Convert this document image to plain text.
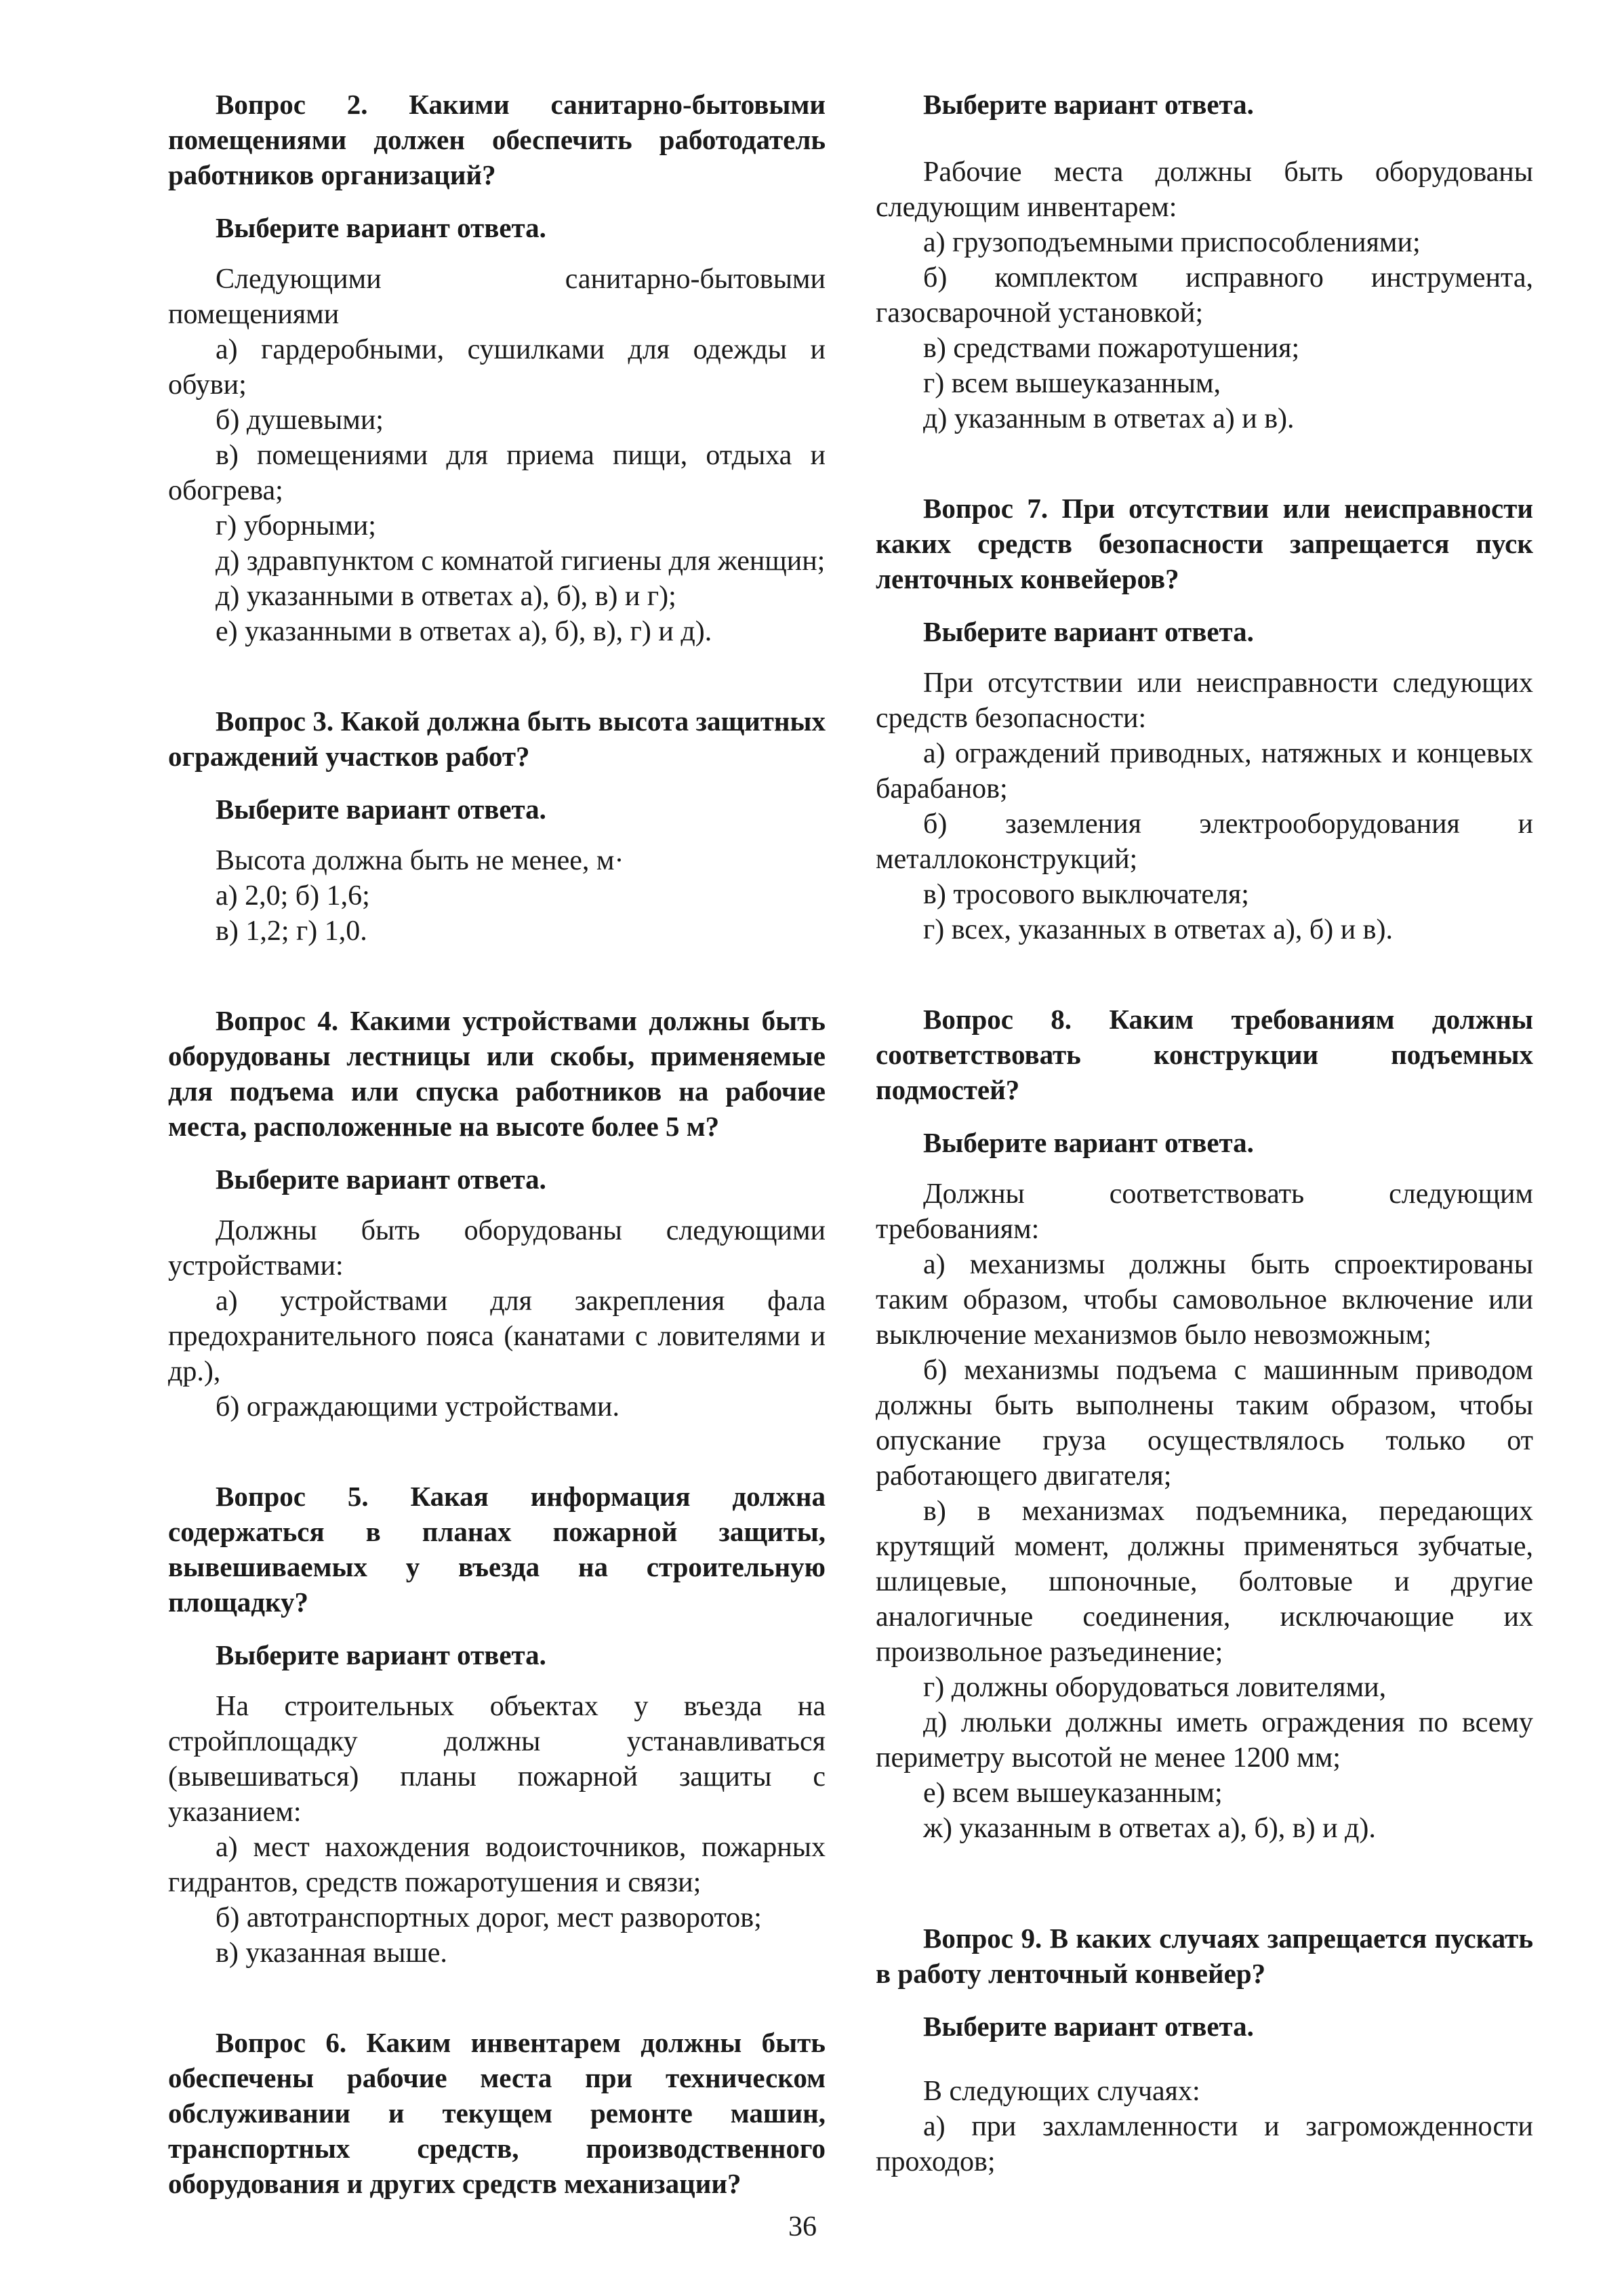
Вопрос 2. Какими санитарно-бытовыми помещениями должен обеспечить работодатель работников организаций?

Выберите вариант ответа.

Следующими санитарно-бытовыми помещениями

а) гардеробными, сушилками для одежды и обуви;

б) душевыми;

в) помещениями для приема пищи, отдыха и обогрева;

г) уборными;

д) здравпунктом с комнатой гигиены для женщин;

д) указанными в ответах а), б), в) и г);

е) указанными в ответах а), б), в), г) и д).

Вопрос 3. Какой должна быть высота защитных ограждений участков работ?

Выберите вариант ответа.

Высота должна быть не менее, м·

а) 2,0; б) 1,6;

в) 1,2; г) 1,0.

Вопрос 4. Какими устройствами должны быть оборудованы лестницы или скобы, применяемые для подъема или спуска работников на рабочие места, расположенные на высоте более 5 м?

Выберите вариант ответа.

Должны быть оборудованы следующими устройствами:

а) устройствами для закрепления фала предохранительного пояса (канатами с ловителями и др.),

б) ограждающими устройствами.

Вопрос 5. Какая информация должна содержаться в планах пожарной защиты, вывешиваемых у въезда на строительную площадку?

Выберите вариант ответа.

На строительных объектах у въезда на стройплощадку должны устанавливаться (вывешиваться) планы пожарной защиты с указанием:

а) мест нахождения водоисточников, пожарных гидрантов, средств пожаротушения и связи;

б) автотранспортных дорог, мест разворотов;

в) указанная выше.

Вопрос 6. Каким инвентарем должны быть обеспечены рабочие места при техническом обслуживании и текущем ремонте машин, транспортных средств, производственного оборудования и других средств механизации?

Выберите вариант ответа.

Рабочие места должны быть оборудованы следующим инвентарем:

а) грузоподъемными приспособлениями;

б) комплектом исправного инструмента, газосварочной установкой;

в) средствами пожаротушения;

г) всем вышеуказанным,

д) указанным в ответах а) и в).

Вопрос 7. При отсутствии или неисправности каких средств безопасности запрещается пуск ленточных конвейеров?

Выберите вариант ответа.

При отсутствии или неисправности следующих средств безопасности:

а) ограждений приводных, натяжных и концевых барабанов;

б) заземления электрооборудования и металлоконструкций;

в) тросового выключателя;

г) всех, указанных в ответах а), б) и в).

Вопрос 8. Каким требованиям должны соответствовать конструкции подъемных подмостей?

Выберите вариант ответа.

Должны соответствовать следующим требованиям:

а) механизмы должны быть спроектированы таким образом, чтобы самовольное включение или выключение механизмов было невозможным;

б) механизмы подъема с машинным приводом должны быть выполнены таким образом, чтобы опускание груза осуществлялось только от работающего двигателя;

в) в механизмах подъемника, передающих крутящий момент, должны применяться зубчатые, шлицевые, шпоночные, болтовые и другие аналогичные соединения, исключающие их произвольное разъединение;

г) должны оборудоваться ловителями,

д) люльки должны иметь ограждения по всему периметру высотой не менее 1200 мм;

е) всем вышеуказанным;

ж) указанным в ответах а), б), в) и д).

Вопрос 9. В каких случаях запрещается пускать в работу ленточный конвейер?

Выберите вариант ответа.

В следующих случаях:

а) при захламленности и загроможденности проходов;

36
